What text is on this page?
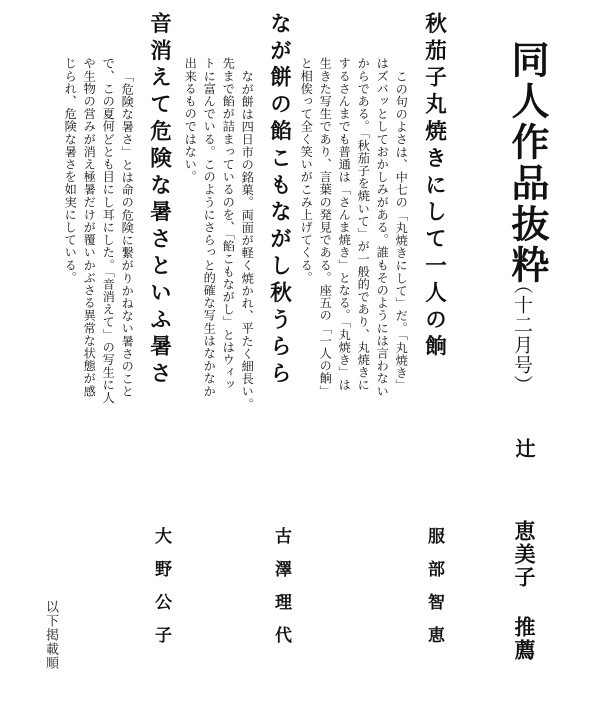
同人作品抜粋
（十二月号）
辻
恵美子 推薦
秋茄子丸焼きにして一人の餉
服部智恵
この句のよさは、中七の「丸焼きにして」だ。「丸焼き」
はズバッとしておかしみがある。誰もそのようには言わない
からである。「秋茄子を焼いて」が一般的であり、丸焼きに
するさんまでも普通は「さんま焼き」となる。「丸焼き」は
生きた写生であり、言葉の発見である。座五の「一人の餉」
と相俟って全く笑いがこみ上げてくる。
なが餅の餡こもながし秋うらら
古澤理代
なが餅は四日市の銘菓。両面が軽く焼かれ、平たく細長い。
先まで餡が詰まっているのを、「餡こもながし」とはウィッ
トに富んでいる。このようにさらっと的確な写生はなかなか
出来るものではない。
音消えて危険な暑さといふ暑さ
大野公子
「危険な暑さ」とは命の危険に繋がりかねない暑さのこと
で、この夏何どとも目にし耳にした。「音消えて」の写生に人
や生物の営みが消え極暑だけが覆いかぶさる異常な状態が感
じられ、危険な暑さを如実にしている。
以下掲載順
